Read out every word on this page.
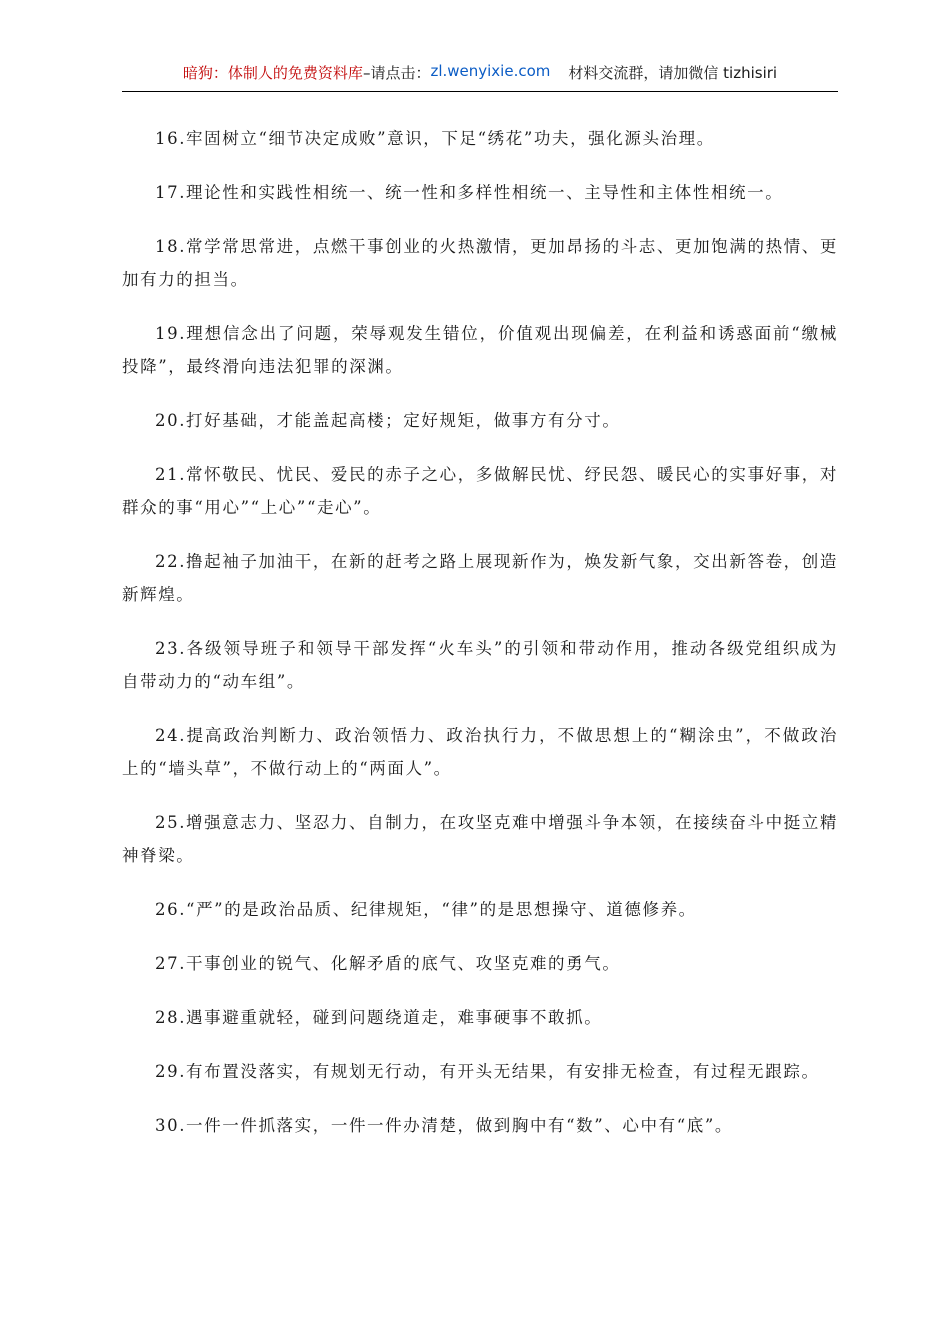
暗狗：体制人的免费资料库 –请点击： zl.wenyixie.com 材料交流群，请加微信 tizhisiri

16.牢固树立“细节决定成败”意识，下足“绣花”功夫，强化源头治理。

17.理论性和实践性相统一、统一性和多样性相统一、主导性和主体性相统一。

18.常学常思常进，点燃干事创业的火热激情，更加昂扬的斗志、更加饱满的热情、更加有力的担当。

19.理想信念出了问题，荣辱观发生错位，价值观出现偏差，在利益和诱惑面前“缴械投降”，最终滑向违法犯罪的深渊。

20.打好基础，才能盖起高楼；定好规矩，做事方有分寸。

21.常怀敬民、忧民、爱民的赤子之心，多做解民忧、纾民怨、暖民心的实事好事，对群众的事“用心”“上心”“走心”。

22.撸起袖子加油干，在新的赶考之路上展现新作为，焕发新气象，交出新答卷，创造新辉煌。

23.各级领导班子和领导干部发挥“火车头”的引领和带动作用，推动各级党组织成为自带动力的“动车组”。

24.提高政治判断力、政治领悟力、政治执行力，不做思想上的“糊涂虫”，不做政治上的“墙头草”，不做行动上的“两面人”。

25.增强意志力、坚忍力、自制力，在攻坚克难中增强斗争本领，在接续奋斗中挺立精神脊梁。

26.“严”的是政治品质、纪律规矩，“律”的是思想操守、道德修养。

27.干事创业的锐气、化解矛盾的底气、攻坚克难的勇气。

28.遇事避重就轻，碰到问题绕道走，难事硬事不敢抓。

29.有布置没落实，有规划无行动，有开头无结果，有安排无检查，有过程无跟踪。

30.一件一件抓落实，一件一件办清楚，做到胸中有“数”、心中有“底”。
